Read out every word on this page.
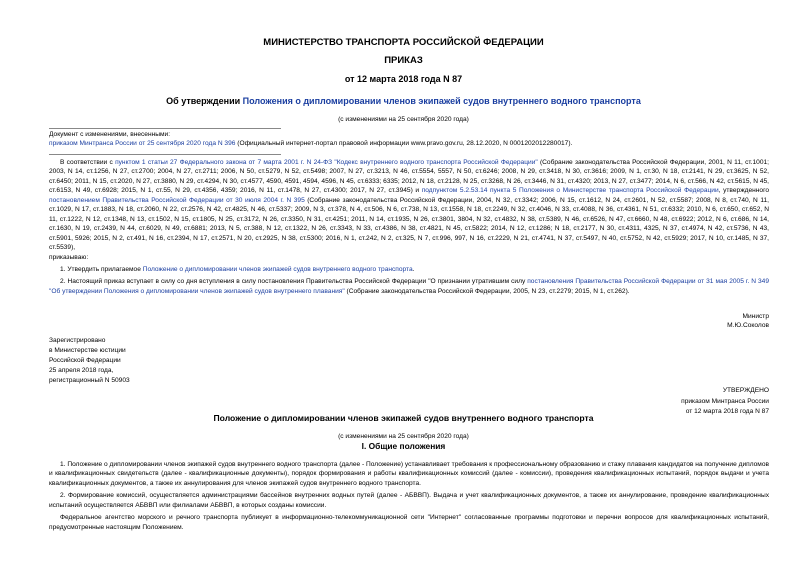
МИНИСТЕРСТВО ТРАНСПОРТА РОССИЙСКОЙ ФЕДЕРАЦИИ
ПРИКАЗ
от 12 марта 2018 года N 87
Об утверждении Положения о дипломировании членов экипажей судов внутреннего водного транспорта
(с изменениями на 25 сентября 2020 года)
Документ с изменениями, внесенными:
приказом Минтранса России от 25 сентября 2020 года N 396 (Официальный интернет-портал правовой информации www.pravo.gov.ru, 28.12.2020, N 0001202012280017).

В соответствии с пунктом 1 статьи 27 Федерального закона от 7 марта 2001 г. N 24-ФЗ "Кодекс внутреннего водного транспорта Российской Федерации" (Собрание законодательства Российской Федерации, 2001, N 11, ст.1001; 2003, N 14, ст.1256, N 27, ст.2700; 2004, N 27, ст.2711; 2006, N 50, ст.5279, N 52, ст.5498; 2007, N 27, ст.3213, N 46, ст.5554, 5557, N 50, ст.6246; 2008, N 29, ст.3418, N 30, ст.3616; 2009, N 1, ст.30, N 18, ст.2141, N 29, ст.3625, N 52, ст.6450; 2011, N 15, ст.2020, N 27, ст.3880, N 29, ст.4294, N 30, ст.4577, 4590, 4591, 4594, 4596, N 45, ст.6333; 6335; 2012, N 18, ст.2128, N 25, ст.3268, N 26, ст.3446, N 31, ст.4320; 2013, N 27, ст.3477; 2014, N 6, ст.566, N 42, ст.5615, N 45, ст.6153, N 49, ст.6928; 2015, N 1, ст.55, N 29, ст.4356, 4359; 2016, N 11, ст.1478, N 27, ст.4300; 2017, N 27, ст.3945) и подпунктом 5.2.53.14 пункта 5 Положения о Министерстве транспорта Российской Федерации, утвержденного постановлением Правительства Российской Федерации от 30 июля 2004 г. N 395 (Собрание законодательства Российской Федерации, 2004, N 32, ст.3342; 2006, N 15, ст.1612, N 24, ст.2601, N 52, ст.5587; 2008, N 8, ст.740, N 11, ст.1029, N 17, ст.1883, N 18, ст.2060, N 22, ст.2576, N 42, ст.4825, N 46, ст.5337; 2009, N 3, ст.378, N 4, ст.506, N 6, ст.738, N 13, ст.1558, N 18, ст.2249, N 32, ст.4046, N 33, ст.4088, N 36, ст.4361, N 51, ст.6332; 2010, N 6, ст.650, ст.652, N 11, ст.1222, N 12, ст.1348, N 13, ст.1502, N 15, ст.1805, N 25, ст.3172, N 26, ст.3350, N 31, ст.4251; 2011, N 14, ст.1935, N 26, ст.3801, 3804, N 32, ст.4832, N 38, ст.5389, N 46, ст.6526, N 47, ст.6660, N 48, ст.6922; 2012, N 6, ст.686, N 14, ст.1630, N 19, ст.2439, N 44, ст.6029, N 49, ст.6881; 2013, N 5, ст.388, N 12, ст.1322, N 26, ст.3343, N 33, ст.4386, N 38, ст.4821, N 45, ст.5822; 2014, N 12, ст.1286; N 18, ст.2177, N 30, ст.4311, 4325, N 37, ст.4974, N 42, ст.5736, N 43, ст.5901, 5926; 2015, N 2, ст.491, N 16, ст.2394, N 17, ст.2571, N 20, ст.2925, N 38, ст.5300; 2016, N 1, ст.242, N 2, ст.325, N 7, ст.996, 997, N 16, ст.2229, N 21, ст.4741, N 37, ст.5497, N 40, ст.5752, N 42, ст.5929; 2017, N 10, ст.1485, N 37, ст.5539),

приказываю:

1. Утвердить прилагаемое Положение о дипломировании членов экипажей судов внутреннего водного транспорта.

2. Настоящий приказ вступает в силу со дня вступления в силу постановления Правительства Российской Федерации "О признании утратившим силу постановления Правительства Российской Федерации от 31 мая 2005 г. N 349 "Об утверждении Положения о дипломировании членов экипажей судов внутреннего плавания" (Собрание законодательства Российской Федерации, 2005, N 23, ст.2279; 2015, N 1, ст.262).

Министр
М.Ю.Соколов
Зарегистрировано
в Министерстве юстиции
Российской Федерации
25 апреля 2018 года,
регистрационный N 50903
УТВЕРЖДЕНО
приказом Минтранса России
от 12 марта 2018 года N 87
Положение о дипломировании членов экипажей судов внутреннего водного транспорта
(с изменениями на 25 сентября 2020 года)
I. Общие положения

1. Положение о дипломировании членов экипажей судов внутреннего водного транспорта (далее - Положение) устанавливает требования к профессиональному образованию и стажу плавания кандидатов на получение дипломов и квалификационных свидетельств (далее - квалификационные документы), порядок формирования и работы квалификационных комиссий (далее - комиссии), проведения квалификационных испытаний, порядок выдачи и учета квалификационных документов, а также их аннулирования для членов экипажей судов внутреннего водного транспорта.

2. Формирование комиссий, осуществляется администрациями бассейнов внутренних водных путей (далее - АБВВП). Выдача и учет квалификационных документов, а также их аннулирование, проведение квалификационных испытаний осуществляется АБВВП или филиалами АБВВП, в которых созданы комиссии.

Федеральное агентство морского и речного транспорта публикует в информационно-телекоммуникационной сети "Интернет" согласованные программы подготовки и перечни вопросов для квалификационных испытаний, предусмотренные настоящим Положением.
